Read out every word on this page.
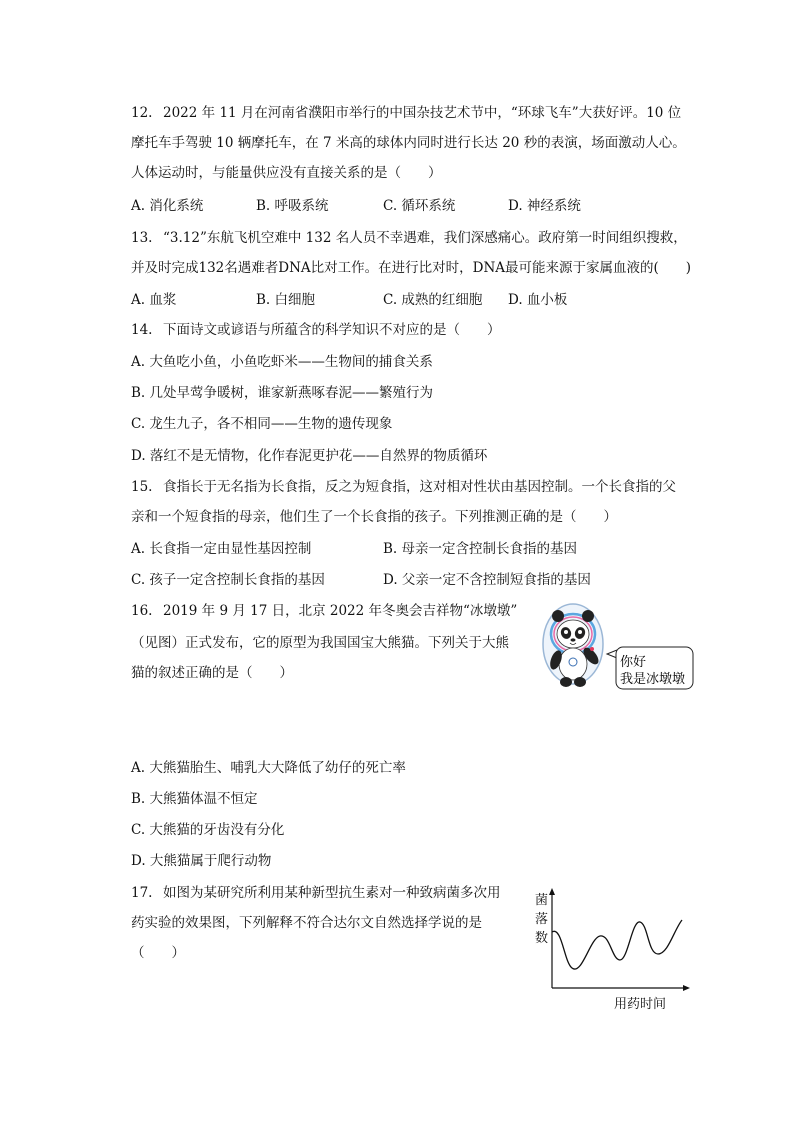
12. 2022 年 11 月在河南省濮阳市举行的中国杂技艺术节中，“环球飞车”大获好评。10 位
摩托车手驾驶 10 辆摩托车，在 7 米高的球体内同时进行长达 20 秒的表演，场面激动人心。
人体运动时，与能量供应没有直接关系的是（　　）
A. 消化系统	B. 呼吸系统	C. 循环系统	D. 神经系统
13. “3.12”东航飞机空难中 132 名人员不幸遇难，我们深感痛心。政府第一时间组织搜救，
并及时完成132名遇难者DNA比对工作。在进行比对时，DNA最可能来源于家属血液的(　　)
A. 血浆	B. 白细胞	C. 成熟的红细胞 D. 血小板
14. 下面诗文或谚语与所蕴含的科学知识不对应的是（　　）
A. 大鱼吃小鱼，小鱼吃虾米——生物间的捕食关系
B. 几处早莺争暖树，谁家新燕啄春泥——繁殖行为
C. 龙生九子，各不相同——生物的遗传现象
D. 落红不是无情物，化作春泥更护花——自然界的物质循环
15. 食指长于无名指为长食指，反之为短食指，这对相对性状由基因控制。一个长食指的父
亲和一个短食指的母亲，他们生了一个长食指的孩子。下列推测正确的是（　　）
A. 长食指一定由显性基因控制	B. 母亲一定含控制长食指的基因
C. 孩子一定含控制长食指的基因	D. 父亲一定不含控制短食指的基因
16. 2019 年 9 月 17 日，北京 2022 年冬奥会吉祥物“冰墩墩”
（见图）正式发布，它的原型为我国国宝大熊猫。下列关于大熊
猫的叙述正确的是（　　）
你好
我是冰墩墩
A. 大熊猫胎生、哺乳大大降低了幼仔的死亡率
B. 大熊猫体温不恒定
C. 大熊猫的牙齿没有分化
D. 大熊猫属于爬行动物
17. 如图为某研究所利用某种新型抗生素对一种致病菌多次用
药实验的效果图，下列解释不符合达尔文自然选择学说的是
（　　）
菌
落
数
用药时间
